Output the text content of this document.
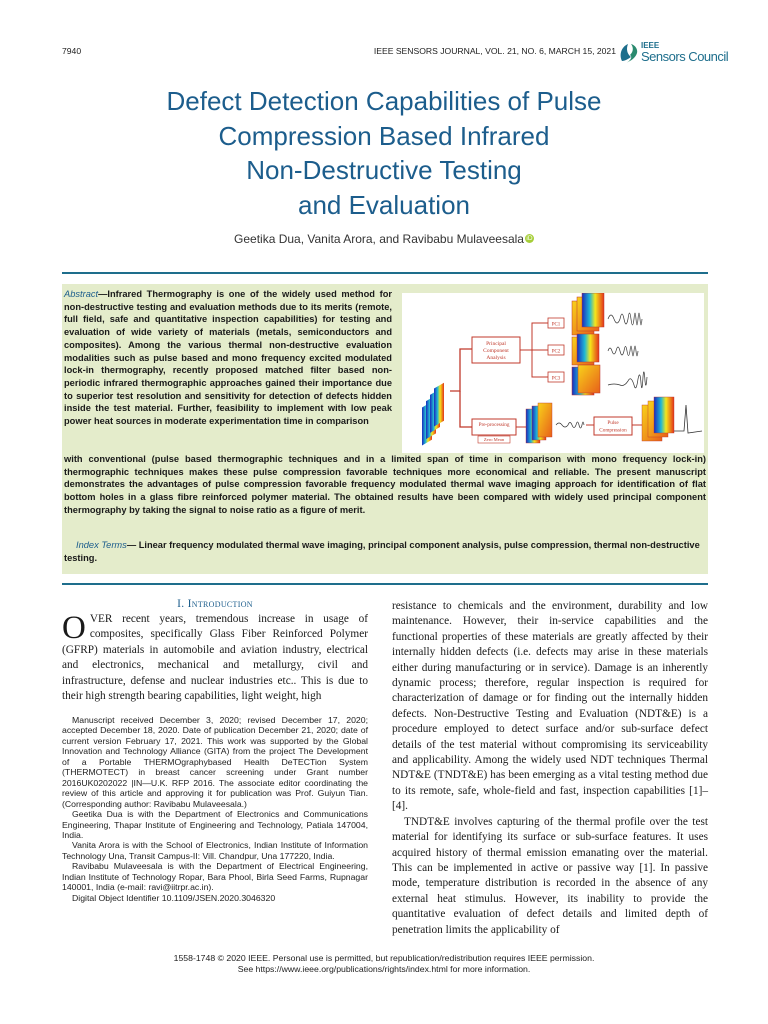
7940	IEEE SENSORS JOURNAL, VOL. 21, NO. 6, MARCH 15, 2021
IEEE
Sensors Council
Defect Detection Capabilities of Pulse
Compression Based Infrared
Non-Destructive Testing
and Evaluation
Geetika Dua, Vanita Arora, and Ravibabu Mulaveesala iD
Abstract—Infrared Thermography is one of the widely used method for non-destructive testing and evaluation methods due to its merits (remote, full field, safe and quantitative inspection capabilities) for testing and evaluation of wide variety of materials (metals, semiconductors and composites). Among the various thermal non-destructive evaluation modalities such as pulse based and mono frequency excited modulated lock-in thermography, recently proposed matched filter based non-periodic infrared thermographic approaches gained their importance due to superior test resolution and sensitivity for detection of defects hidden inside the test material. Further, feasibility to implement with low peak power heat sources in moderate experimentation time in comparison
Principal
Component
Analysis
PC1
PC2
PC3
Pre-processing
Zero Mean
Pulse
Compression
with conventional (pulse based thermographic techniques and in a limited span of time in comparison with mono frequency lock-in) thermographic techniques makes these pulse compression favorable techniques more economical and reliable. The present manuscript demonstrates the advantages of pulse compression favorable frequency modulated thermal wave imaging approach for identification of flat bottom holes in a glass fibre reinforced polymer material. The obtained results have been compared with widely used principal component thermography by taking the signal to noise ratio as a figure of merit.
Index Terms— Linear frequency modulated thermal wave imaging, principal component analysis, pulse compression, thermal non-destructive testing.
I. Introduction
OVER recent years, tremendous increase in usage of composites, specifically Glass Fiber Reinforced Polymer (GFRP) materials in automobile and aviation industry, electrical and electronics, mechanical and metallurgy, civil and infrastructure, defense and nuclear industries etc.. This is due to their high strength bearing capabilities, light weight, high

Manuscript received December 3, 2020; revised December 17, 2020; accepted December 18, 2020. Date of publication December 21, 2020; date of current version February 17, 2021. This work was supported by the Global Innovation and Technology Alliance (GITA) from the project The Development of a Portable THERMOgraphybased Health DeTECTion System (THERMOTECT) in breast cancer screening under Grant number 2016UK0202022 |IN—U.K. RFP 2016. The associate editor coordinating the review of this article and approving it for publication was Prof. Guiyun Tian. (Corresponding author: Ravibabu Mulaveesala.)

Geetika Dua is with the Department of Electronics and Communications Engineering, Thapar Institute of Engineering and Technology, Patiala 147004, India.

Vanita Arora is with the School of Electronics, Indian Institute of Information Technology Una, Transit Campus-II: Vill. Chandpur, Una 177220, India.

Ravibabu Mulaveesala is with the Department of Electrical Engineering, Indian Institute of Technology Ropar, Bara Phool, Birla Seed Farms, Rupnagar 140001, India (e-mail: ravi@iitrpr.ac.in).

Digital Object Identifier 10.1109/JSEN.2020.3046320

resistance to chemicals and the environment, durability and low maintenance. However, their in-service capabilities and the functional properties of these materials are greatly affected by their internally hidden defects (i.e. defects may arise in these materials either during manufacturing or in service). Damage is an inherently dynamic process; therefore, regular inspection is required for characterization of damage or for finding out the internally hidden defects. Non-Destructive Testing and Evaluation (NDT&E) is a procedure employed to detect surface and/or sub-surface defect details of the test material without compromising its serviceability and applicability. Among the widely used NDT techniques Thermal NDT&E (TNDT&E) has been emerging as a vital testing method due to its remote, safe, whole-field and fast, inspection capabilities [1]–[4].

TNDT&E involves capturing of the thermal profile over the test material for identifying its surface or sub-surface features. It uses acquired history of thermal emission emanating over the material. This can be implemented in active or passive way [1]. In passive mode, temperature distribution is recorded in the absence of any external heat stimulus. However, its inability to provide the quantitative evaluation of defect details and limited depth of penetration limits the applicability of

1558-1748 © 2020 IEEE. Personal use is permitted, but republication/redistribution requires IEEE permission.
See https://www.ieee.org/publications/rights/index.html for more information.
